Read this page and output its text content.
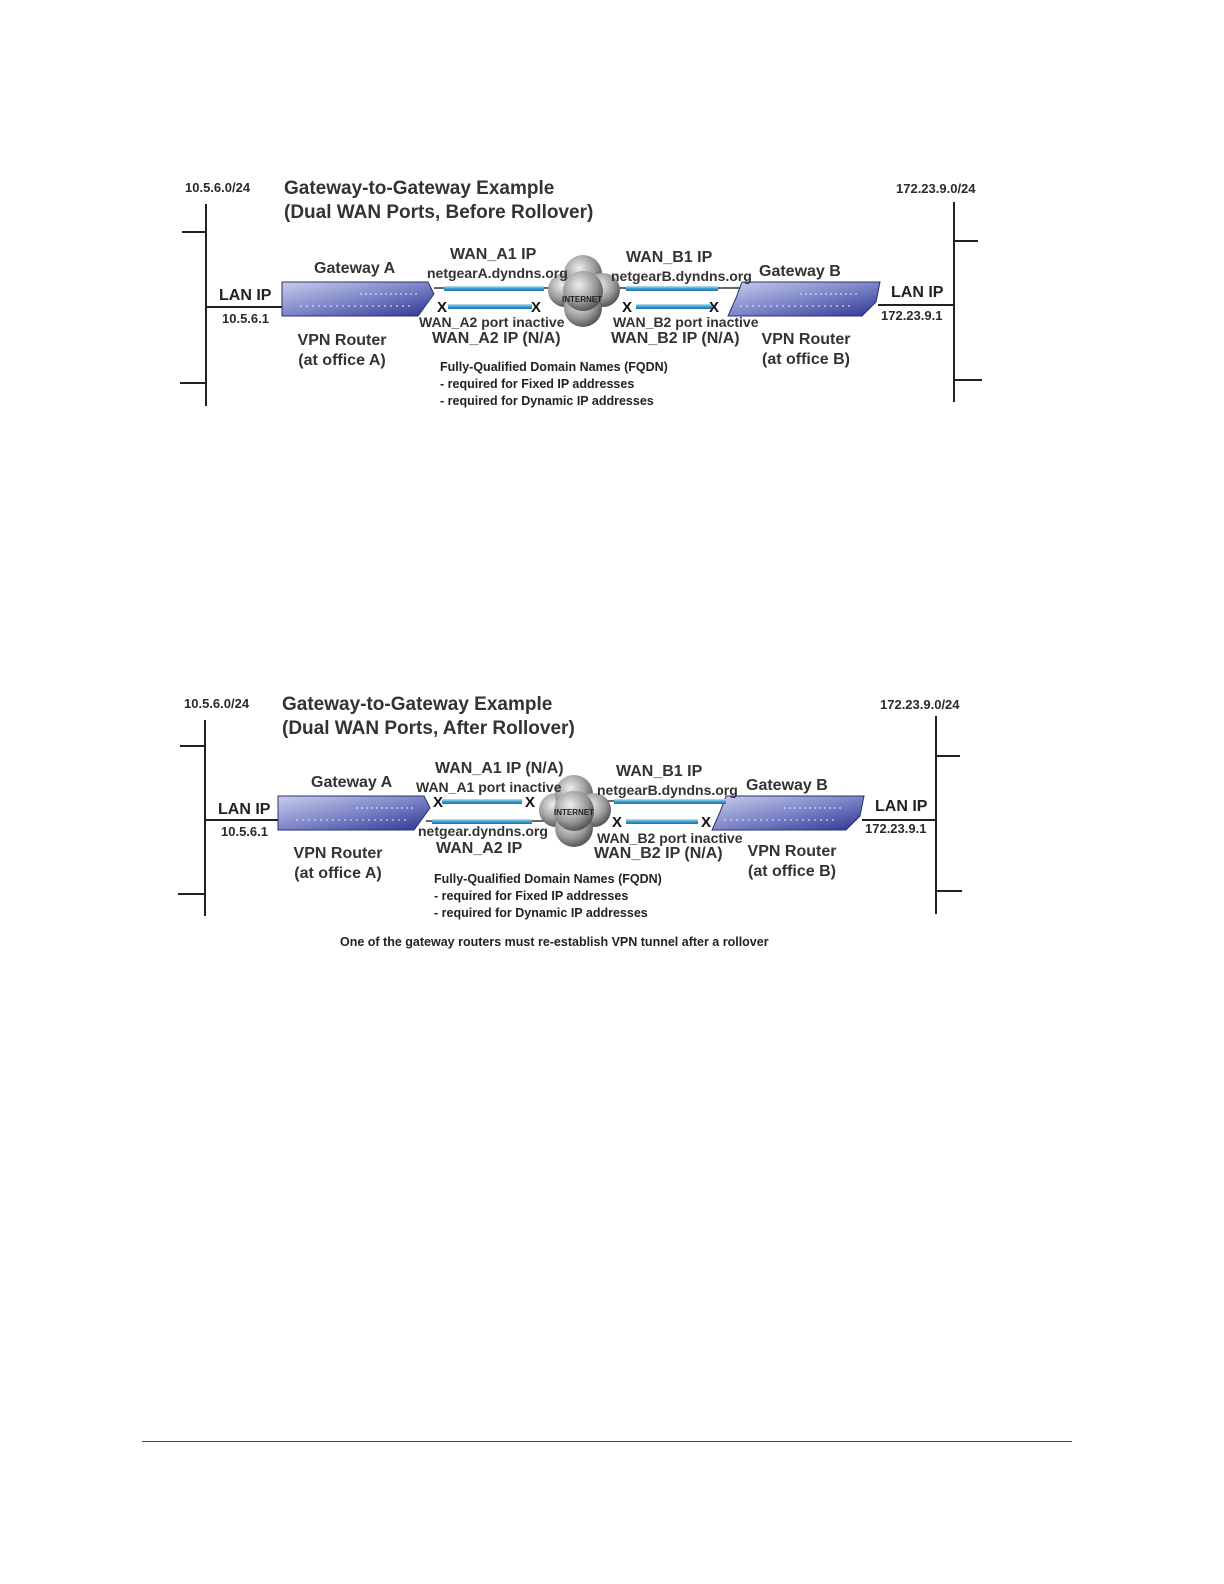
10.5.6.0/24	172.23.9.0/24
Gateway-to-Gateway Example
(Dual WAN Ports, Before Rollover)
Gateway A	Gateway B
LAN IP
10.5.6.1
LAN IP
172.23.9.1
VPN Router
(at office A)
VPN Router
(at office B)
WAN_A1 IP
netgearA.dyndns.org
WAN_A2 port inactive
WAN_A2 IP (N/A)
WAN_B1 IP
netgearB.dyndns.org
WAN_B2 port inactive
WAN_B2 IP (N/A)
INTERNET
X	X	X	X
Fully-Qualified Domain Names (FQDN)
- required for Fixed IP addresses
- required for Dynamic IP addresses
10.5.6.0/24	172.23.9.0/24
Gateway-to-Gateway Example
(Dual WAN Ports, After Rollover)
Gateway A	Gateway B
LAN IP
10.5.6.1
LAN IP
172.23.9.1
VPN Router
(at office A)
VPN Router
(at office B)
WAN_A1 IP (N/A)
WAN_A1 port inactive
netgear.dyndns.org
WAN_A2 IP
WAN_B1 IP
netgearB.dyndns.org
WAN_B2 port inactive
WAN_B2 IP (N/A)
INTERNET
X	X
X	X
Fully-Qualified Domain Names (FQDN)
- required for Fixed IP addresses
- required for Dynamic IP addresses
One of the gateway routers must re-establish VPN tunnel after a rollover
